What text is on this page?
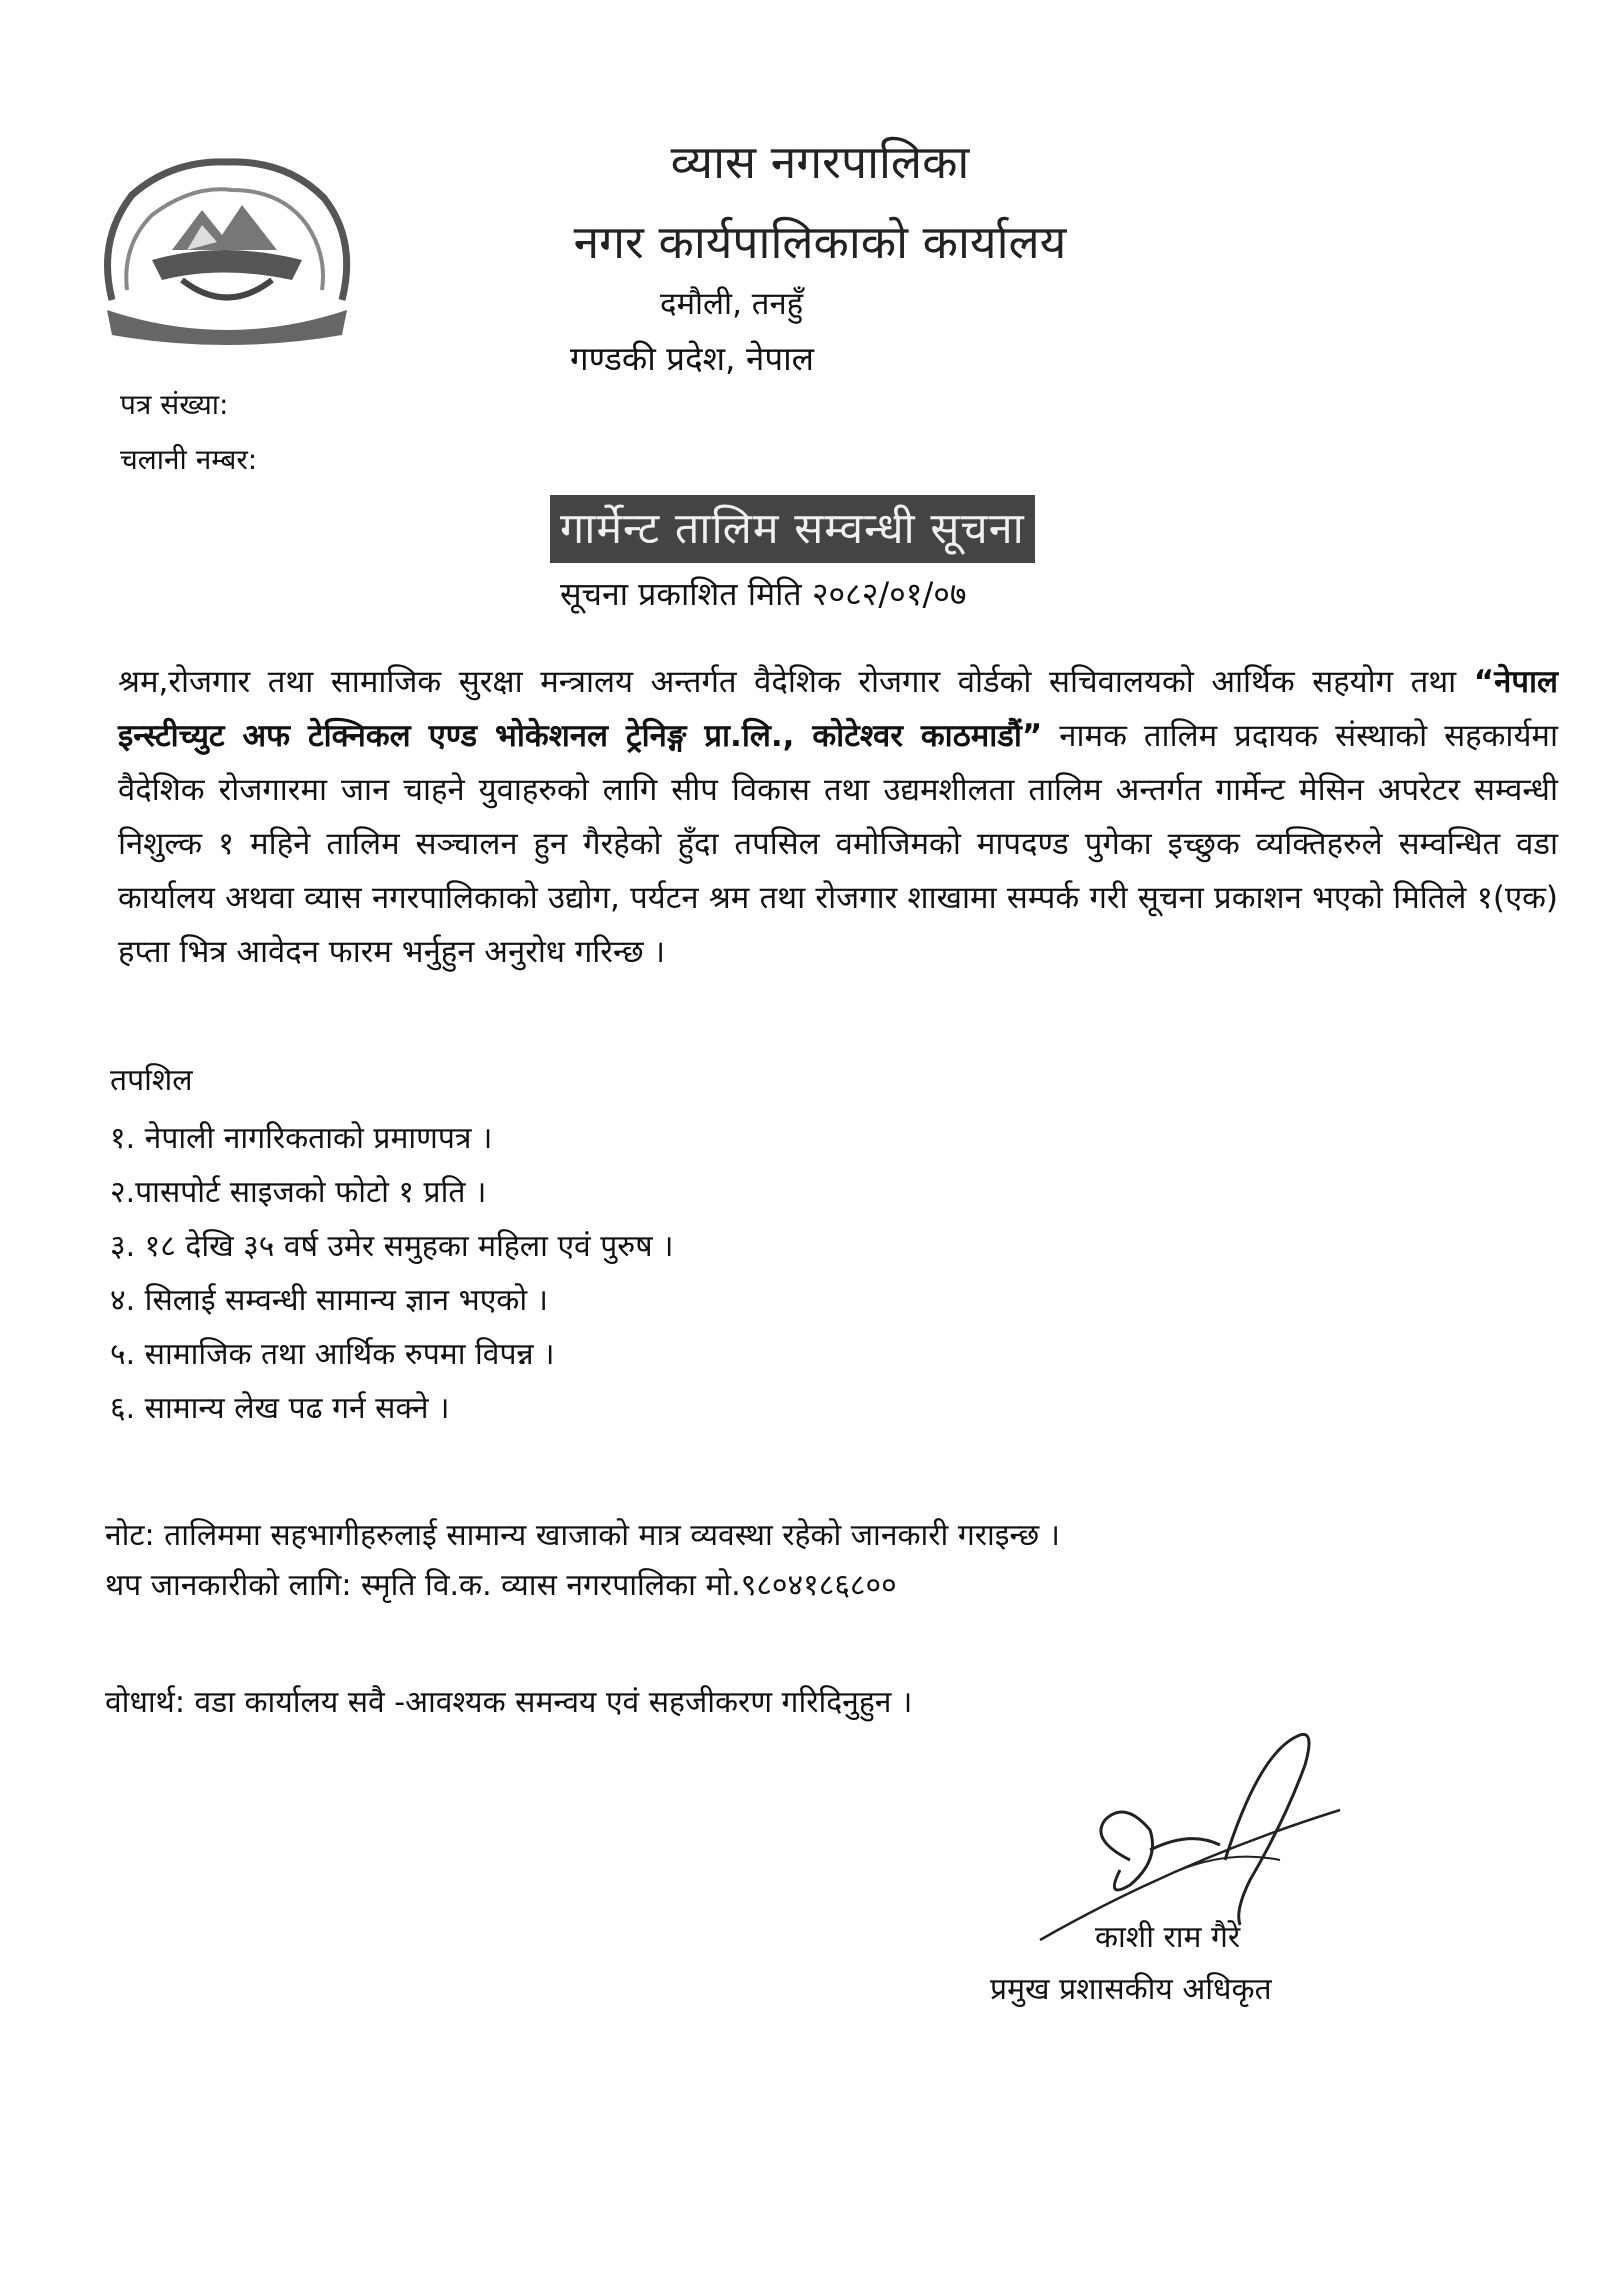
व्यास नगरपालिका
नगर कार्यपालिकाको कार्यालय
दमौली, तनहुँ
गण्डकी प्रदेश, नेपाल
पत्र संख्या:
चलानी नम्बर:
गार्मेन्ट तालिम सम्वन्धी सूचना
सूचना प्रकाशित मिति २०८२/०१/०७
श्रम,रोजगार तथा सामाजिक सुरक्षा मन्त्रालय अन्तर्गत वैदेशिक रोजगार वोर्डको सचिवालयको आर्थिक सहयोग तथा “नेपाल इन्स्टीच्युट अफ टेक्निकल एण्ड भोकेशनल ट्रेनिङ्ग प्रा.लि., कोटेश्वर काठमाडौं” नामक तालिम प्रदायक संस्थाको सहकार्यमा वैदेशिक रोजगारमा जान चाहने युवाहरुको लागि सीप विकास तथा उद्यमशीलता तालिम अन्तर्गत गार्मेन्ट मेसिन अपरेटर सम्वन्धी निशुल्क १ महिने तालिम सञ्चालन हुन गैरहेको हुँदा तपसिल वमोजिमको मापदण्ड पुगेका इच्छुक व्यक्तिहरुले सम्वन्धित वडा कार्यालय अथवा व्यास नगरपालिकाको उद्योग, पर्यटन श्रम तथा रोजगार शाखामा सम्पर्क गरी सूचना प्रकाशन भएको मितिले १(एक) हप्ता भित्र आवेदन फारम भर्नुहुन अनुरोध गरिन्छ ।
तपशिल
१. नेपाली नागरिकताको प्रमाणपत्र ।
२.पासपोर्ट साइजको फोटो १ प्रति ।
३. १८ देखि ३५ वर्ष उमेर समुहका महिला एवं पुरुष ।
४. सिलाई सम्वन्धी सामान्य ज्ञान भएको ।
५. सामाजिक तथा आर्थिक रुपमा विपन्न ।
६. सामान्य लेख पढ गर्न सक्ने ।
नोट: तालिममा सहभागीहरुलाई सामान्य खाजाको मात्र व्यवस्था रहेको जानकारी गराइन्छ ।
थप जानकारीको लागि: स्मृति वि.क. व्यास नगरपालिका मो.९८०४१८६८००
वोधार्थ: वडा कार्यालय सवै -आवश्यक समन्वय एवं सहजीकरण गरिदिनुहुन ।
काशी राम गैरे
प्रमुख प्रशासकीय अधिकृत
